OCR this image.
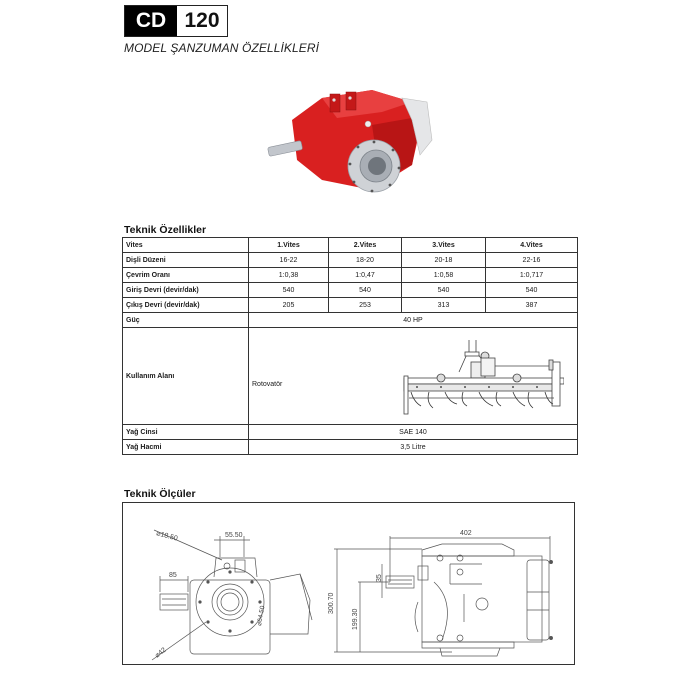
CD 120
MODEL ŞANZUMAN ÖZELLİKLERİ
Teknik Özellikler
Vites	1.Vites	2.Vites	3.Vites	4.Vites
Dişli Düzeni	16-22	18-20	20-18	22-16
Çevrim Oranı	1:0,38	1:0,47	1:0,58	1:0,717
Giriş Devri (devir/dak)	540	540	540	540
Çıkış Devri (devir/dak)	205	253	313	387
Güç	40 HP			
Kullanım Alanı	Rotovatör			

Yağ Cinsi	SAE 140			
Yağ Hacmi	3,5 Litre			
Teknik Ölçüler
⌀18.50	55.50
85
⌀64.50
⌀42
402
300.70
199.30
35
